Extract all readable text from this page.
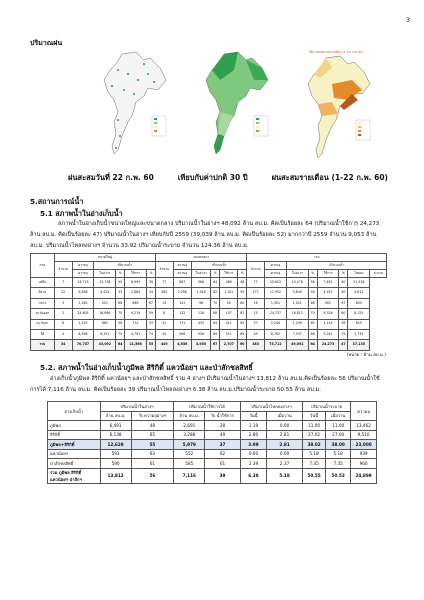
3
ปริมาณฝน
ปริมาณฝนสะสมรายเดือน (1-22 ก.พ. 60)
ฝนสะสมวันที่ 22 ก.พ. 60	เทียบกับค่าปกติ 30 ปี	ฝนสะสมรายเดือน (1-22 ก.พ. 60)
5.สถานการณ์น้ำ
5.1 สภาพน้ำในอ่างเก็บน้ำ
สภาพน้ำในอ่างเก็บน้ำขนาดใหญ่และขนาดกลาง ปริมาณน้ำในอ่างฯ 48,092 ล้าน ลบ.ม. คิดเป็นร้อยละ 64 (ปริมาณน้ำใช้การ 24,273 ล้าน ลบ.ม. คิดเป็นร้อยละ 47) ปริมาณน้ำในอ่างฯ เทียบกับปี 2559 (39,039 ล้าน ลบ.ม. คิดเป็นร้อยละ 52) มากกว่าปี 2559 จำนวน 9,053 ล้าน ลบ.ม. ปริมาณน้ำไหลลงอ่างฯ จำนวน 33.92 ปริมาณน้ำระบาย จำนวน 124.36 ล้าน ลบ.ม.
ภาค	ขนาดใหญ่						ขนาดกลาง						รวม							
	จำนวน	ความจุ	ปริมาณน้ำ				จำนวน	ความจุ	ปริมาณน้ำ				จำนวน	ความจุ	ปริมาณน้ำ					
		ความจุ	ในอ่างฯ	%	ใช้การ	%		ความจุ	ในอ่างฯ	%	ใช้การ	%		ความจุ	ในอ่างฯ	%	ใช้การ	%	ไหลลง	ระบาย
เหนือ	7	24,715	13,738	55	6,993	39	77	887	566	64	489	48	77	25,602	14,278	56	7,462	40	21,328	
อีสาน	12	9,858	4,424	45	2,864	34	283	2,096	1,346	62	1,101	59	277	11,952	5,849	49	4,167	40	4,612	
กลาง	3	1,262	521	68	865	67	13	141	98	70	55	60	16	1,301	1,021	68	902	67	605	
ตะวันออก	2	24,605	16,696	70	9,219	59	8	132	116	88	107	87	15	24,737	16,812	70	9,326	60	8,125	
ตะวันตก	6	1,515	862	56	741	53	51	731	453	64	411	62	57	2,246	1,299	60	1,154	58	825	
ใต้	4	8,598	6,351	75	4,791	74	54	598	526	89	511	89	45	8,762	7,537	86	5,261	75	1,735	
รวม	34	70,757	43,092	64	21,566	55	449	4,636	3,950	67	2,707	60	483	75,712	49,092	64	24,273	47	37,135	
(หน่วย : ล้าน ลบ.ม.)
5.2. สภาพน้ำในอ่างเก็บน้ำภูมิพล สิริกิติ์ แควน้อยฯ และป่าสักชลสิทธิ์
อ่างเก็บน้ำภูมิพล สิริกิติ์ แควน้อยฯ และป่าสักชลสิทธิ์ รวม 4 อ่างฯ มีปริมาณน้ำในอ่างฯ 13,812 ล้าน ลบ.ม.คิดเป็นร้อยละ 56 ปริมาณน้ำใช้การได้ 7,116 ล้าน ลบ.ม. คิดเป็นร้อยละ 39 ปริมาณน้ำไหลลงอ่างฯ 6.38 ล้าน ลบ.ม.ปริมาณน้ำระบาย 50.55 ล้าน ลบ.ม.
อ่างเก็บน้ำ	ปริมาณน้ำในอ่างฯ		ปริมาณน้ำใช้การได้		ปริมาณน้ำไหลลงอ่างฯ		ปริมาณน้ำระบาย		ความจุ
	ล้าน ลบ.ม.	% ความจุอ่างฯ	ล้าน ลบ.ม.	% น้ำใช้การ	วันนี้	เมื่อวาน	วันนี้	เมื่อวาน	
ภูมิพล	6,491	48	2,691	28	1.19	0.00	11.00	11.00	13,462
สิริกิติ์	6,138	65	3,288	49	2.80	2.81	27.02	27.00	9,510
ภูมิพล+สิริกิติ์	12,629	55	5,979	37	3.99	2.81	38.02	38.00	23,000
แควน้อยฯ	593	63	552	62	0.00	0.00	5.18	5.18	939
ป่าสักชลสิทธิ์	590	61	585	61	2.39	2.37	7.35	7.35	960
รวม ภูมิพล สิริกิติ์
แควน้อยฯ ป่าสักฯ	13,812	56	7,116	39	6.38	5.18	50.55	50.53	24,899
